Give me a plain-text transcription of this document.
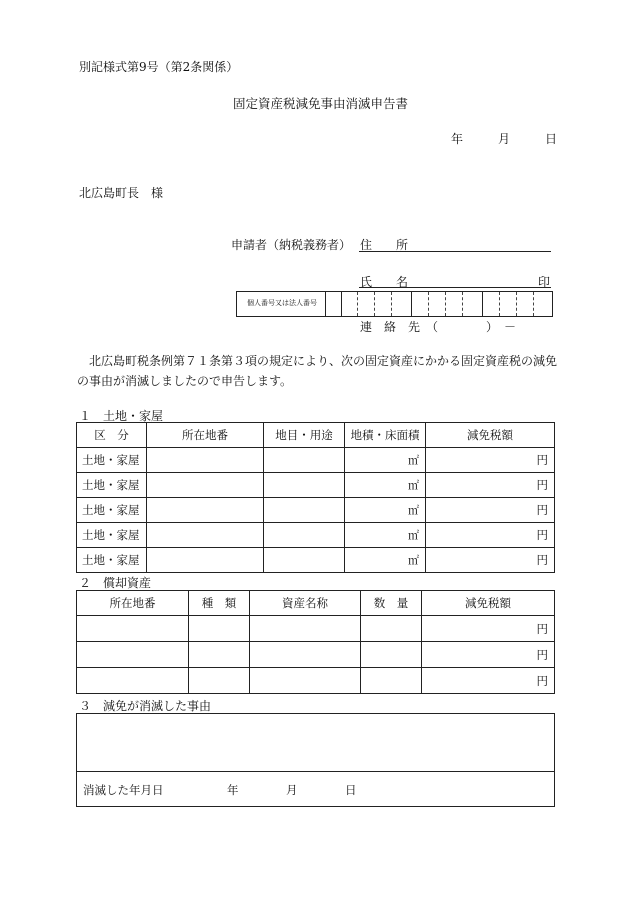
別記様式第9号（第2条関係）
固定資産税減免事由消滅申告書
年	月	日
北広島町長　様
申請者（納税義務者） 住　　所
氏　　名	印
個人番号又は法人番号
連　絡　先　（　　　　）　－
北広島町税条例第７１条第３項の規定により、次の固定資産にかかる固定資産税の減免
の事由が消滅しましたので申告します。
１　土地・家屋
区　分	所在地番	地目・用途	地積・床面積	減免税額
土地・家屋			㎡	円
土地・家屋			㎡	円
土地・家屋			㎡	円
土地・家屋			㎡	円
土地・家屋			㎡	円
２　償却資産
所在地番	種　類	資産名称	数　量	減免税額
				円
				円
				円
３　減免が消滅した事由

消滅した年月日	年	月	日
